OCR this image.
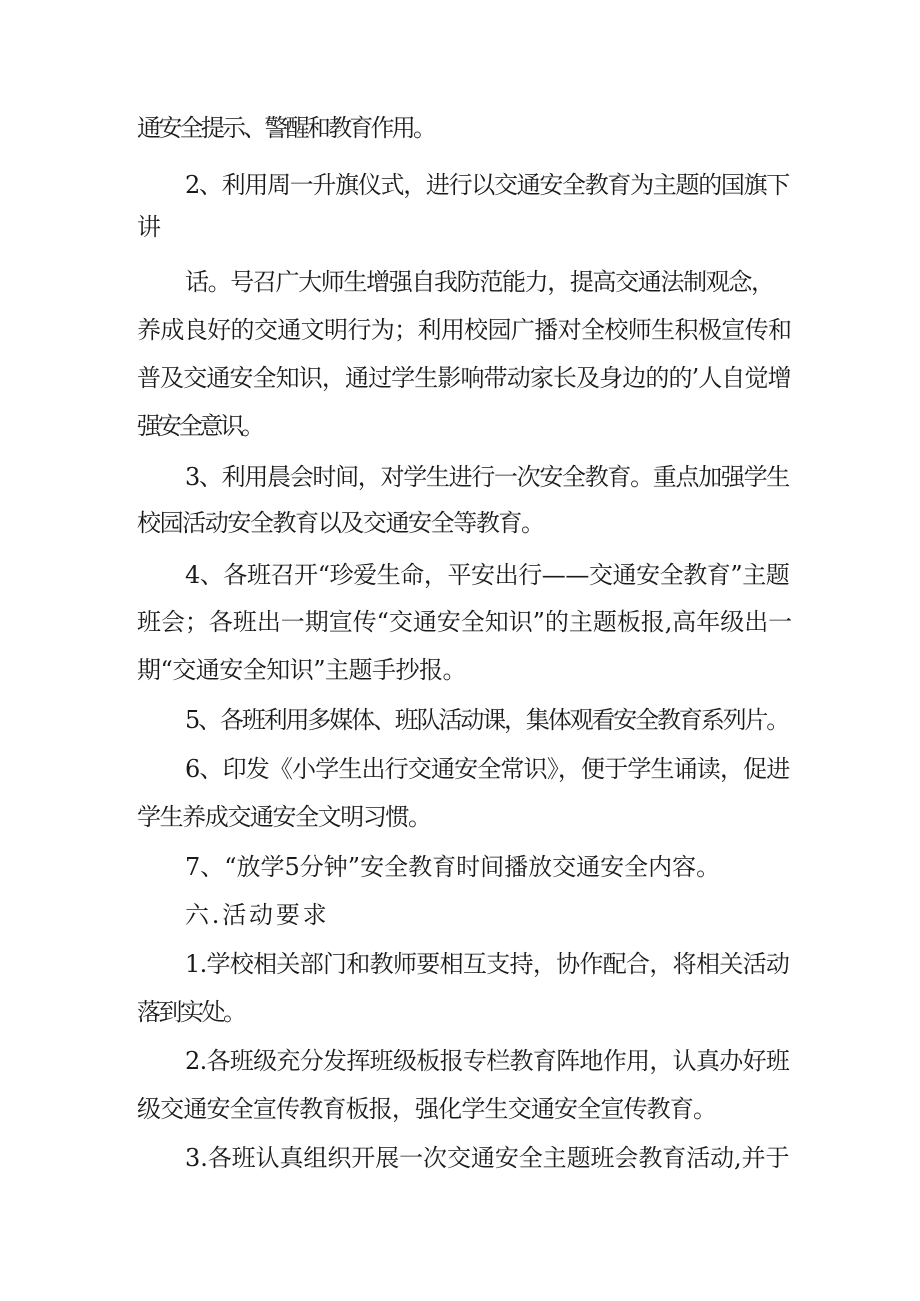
通安全提示、警醒和教育作用。
2、利用周一升旗仪式，进行以交通安全教育为主题的国旗下
讲
话。号召广大师生增强自我防范能力，提高交通法制观念，
养成良好的交通文明行为；利用校园广播对全校师生积极宣传和
普及交通安全知识，通过学生影响带动家长及身边的的’人自觉增
强安全意识。
3、利用晨会时间，对学生进行一次安全教育。重点加强学生
校园活动安全教育以及交通安全等教育。
4、各班召开“珍爱生命，平安出行——交通安全教育”主题
班会；各班出一期宣传“交通安全知识”的主题板报,高年级出一
期“交通安全知识”主题手抄报。
5、各班利用多媒体、班队活动课，集体观看安全教育系列片。
6、印发《小学生出行交通安全常识》，便于学生诵读，促进
学生养成交通安全文明习惯。
7、“放学5分钟”安全教育时间播放交通安全内容。
六.活动要求
1.学校相关部门和教师要相互支持，协作配合，将相关活动
落到实处。
2.各班级充分发挥班级板报专栏教育阵地作用，认真办好班
级交通安全宣传教育板报，强化学生交通安全宣传教育。
3.各班认真组织开展一次交通安全主题班会教育活动,并于
